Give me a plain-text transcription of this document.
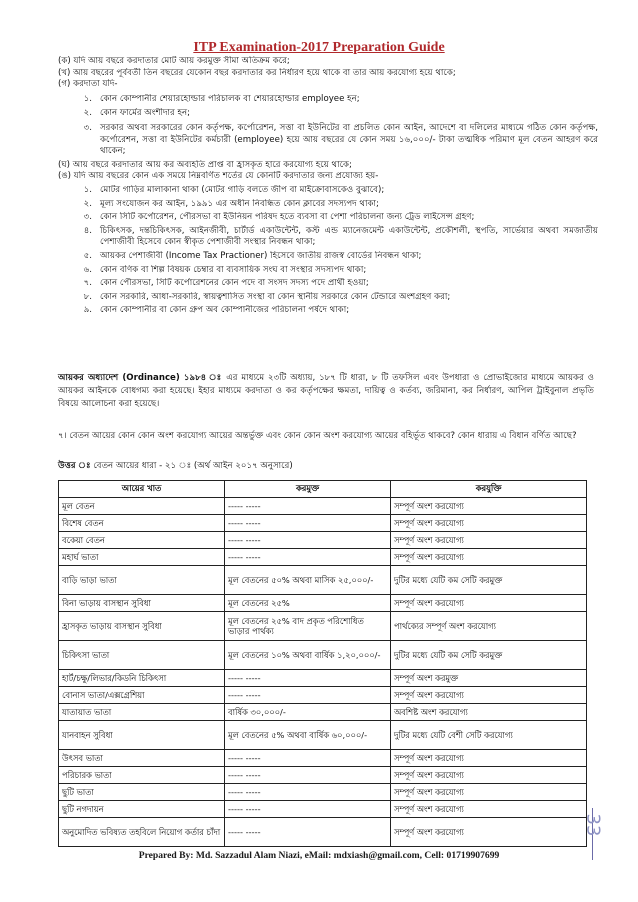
ITP Examination-2017 Preparation Guide
(ক) যদি আয় বছরে করদাতার মোট আয় করমুক্ত সীমা অতিক্রম করে;
(খ) আয় বছরের পূর্ববর্তী তিন বছরের যেকোন বছর করদাতার কর নির্ধারণ হয়ে থাকে বা তার আয় করযোগ্য হয়ে থাকে;
(গ) করদাতা যদি-
১. কোন কোম্পানীর শেয়ারহোল্ডার পরিচালক বা শেয়ারহোল্ডার employee হন;
২. কোন ফার্মের অংশীদার হন;
৩. সরকার অথবা সরকারের কোন কর্তৃপক্ষ, কর্পোরেশন, সত্তা বা ইউনিটের বা প্রচলিত কোন আইন, আদেশে বা দলিলের মাধ্যমে গঠিত কোন কর্তৃপক্ষ, কর্পোরেশন, সত্তা বা ইউনিটের কর্মচারী (employee) হয়ে আয় বছরের যে কোন সময় ১৬,০০০/- টাকা তত্মধিক পরিমাণ মূল বেতন আহরণ করে থাকেন;
(ঘ) আয় বছরে করদাতার আয় কর অব্যহতি প্রাপ্ত বা হ্রাসকৃত হারে করযোগ্য হয়ে থাকে;
(ঙ) যদি আয় বছরের কোন এক সময়ে নিম্নবর্ণিত শর্তের যে কোনটি করদাতার জন্য প্রযোজ্য হয়-
১. মোটর গাড়ির মালাকানা থাকা (মোটর গাড়ি বলতে জীপ বা মাইক্রোবাসকেও বুঝাবে);
২. মূল্য সংযোজন কর আইন, ১৯৯১ এর অধীন নিবন্ধিত কোন ক্লাবের সদস্যপদ থাকা;
৩. কোন সিটি কর্পোরেশন, পৌরসভা বা ইউনিয়ন পরিষদ হতে ব্যবসা বা পেশা পরিচালনা জন্য ট্রেড লাইসেন্স গ্রহণ;
৪. চিকিৎসক, দন্তচিকিৎসক, আইনজীবী, চার্টার্ড একাউন্টেন্ট, কস্ট এন্ড ম্যানেজমেন্ট একাউন্টেন্ট, প্রকৌশলী, স্থপতি, সার্ভেয়ার অথবা সমজাতীয় পেশাজীবী হিসেবে কোন স্বীকৃত পেশাজীবী সংস্থার নিবন্ধন থাকা;
৫. আয়কর পেশাজীবী (Income Tax Practioner) হিসেবে জাতীয় রাজস্ব বোর্ডের নিবন্ধন থাকা;
৬. কোন বণিক বা শিল্প বিষয়ক চেম্বার বা ব্যবসায়িক সংঘ বা সংস্থার সদস্যপদ থাকা;
৭. কোন পৌরসভা, সিটি কর্পোরেশনের কোন পদে বা সংসদ সদস্য পদে প্রার্থী হওয়া;
৮. কোন সরকারি, আধা-সরকারি, স্বায়ত্বশাসিত সংস্থা বা কোন স্থানীয় সরকারে কোন টেন্ডারে অংশগ্রহণ করা;
৯. কোন কোম্পানীর বা কোন গ্রুপ অব কোম্পানীজের পরিচালনা পর্ষদে থাকা;
আয়কর অধ্যাদেশ (Ordinance) ১৯৮৪ ঃ এর মাধ্যমে ২৩টি অধ্যায়, ১৮৭ টি ধারা, ৮ টি তফসিল এবং উপধারা ও প্রোভাইজোর মাধ্যমে আয়কর ও আয়কর আইনকে বোধগম্য করা হয়েছে। ইহার মাধ্যমে করদাতা ও কর কর্তৃপক্ষের ক্ষমতা, দায়িত্ব ও কর্তব্য, জরিমানা, কর নির্ধারণ, আপিল ট্রাইবুনাল প্রভৃতি বিষয়ে আলোচনা করা হয়েছে।
৭। বেতন আয়ের কোন কোন অংশ করযোগ্য আয়ের অন্তর্ভুক্ত এবং কোন কোন অংশ করযোগ্য আয়ের বহির্ভূত থাকবে? কোন ধারায় এ বিধান বর্ণিত আছে?
উত্তর ঃ বেতন আয়ের ধারা - ২১ ঃ (অর্থ আইন ২০১৭ অনুসারে)
আয়ের খাত	করমুক্ত	করযুক্তি
মূল বেতন	----- -----	সম্পূর্ণ অংশ করযোগ্য
বিশেষ বেতন	----- -----	সম্পূর্ণ অংশ করযোগ্য
বকেয়া বেতন	----- -----	সম্পূর্ণ অংশ করযোগ্য
মহার্ঘ ভাতা	----- -----	সম্পূর্ণ অংশ করযোগ্য
বাড়ি ভাড়া ভাতা	মূল বেতনের ৫০% অথবা মাসিক ২৫,০০০/-	দুটির মধ্যে যেটি কম সেটি করমুক্ত
বিনা ভাড়ায় বাসস্থান সুবিধা	মূল বেতনের ২৫%	সম্পূর্ণ অংশ করযোগ্য
হ্রাসকৃত ভাড়ায় বাসস্থান সুবিধা	মূল বেতনের ২৫% বাদ প্রকৃত পরিশোধিত ভাড়ার পার্থক্য	পার্থক্যের সম্পূর্ণ অংশ করযোগ্য
চিকিৎসা ভাতা	মূল বেতনের ১০% অথবা বার্ষিক ১,২০,০০০/-	দুটির মধ্যে যেটি কম সেটি করমুক্ত
হার্ট/চক্ষু/লিভার/কিডনি চিকিৎসা	----- -----	সম্পূর্ণ অংশ করমুক্ত
বোনাস ভাতা/এক্সগ্রেশিয়া	----- -----	সম্পূর্ণ অংশ করযোগ্য
যাতায়াত ভাতা	বার্ষিক ৩০,০০০/-	অবশিষ্ট অংশ করযোগ্য
যানবাহন সুবিধা	মূল বেতনের ৫% অথবা বার্ষিক ৬০,০০০/-	দুটির মধ্যে যেটি বেশী সেটি করযোগ্য
উৎসব ভাতা	----- -----	সম্পূর্ণ অংশ করযোগ্য
পরিচারক ভাতা	----- -----	সম্পূর্ণ অংশ করযোগ্য
ছুটি ভাতা	----- -----	সম্পূর্ণ অংশ করযোগ্য
ছুটি নগদায়ন	----- -----	সম্পূর্ণ অংশ করযোগ্য
অনুমোদিত ভবিষ্যত তহবিলে নিয়োগ কর্তার চাঁদা	----- -----	সম্পূর্ণ অংশ করযোগ্য	33
Prepared By: Md. Sazzadul Alam Niazi, eMail: mdxiash@gmail.com, Cell: 01719907699
